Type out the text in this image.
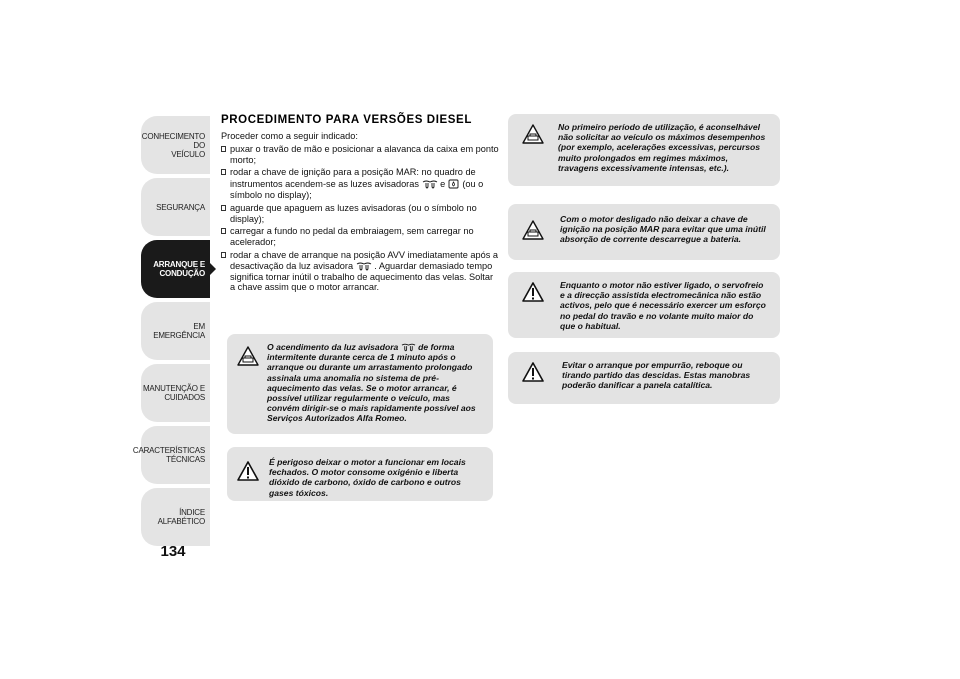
CONHECIMENTO DO
VEÍCULO
SEGURANÇA
ARRANQUE E
CONDUÇÃO
EM EMERGÊNCIA
MANUTENÇÃO E
CUIDADOS
CARACTERÍSTICAS
TÉCNICAS
ÍNDICE ALFABÉTICO
134
PROCEDIMENTO PARA VERSÕES DIESEL
Proceder como a seguir indicado:
puxar o travão de mão e posicionar a alavanca da caixa em ponto morto;
rodar a chave de ignição para a posição MAR: no quadro de instrumentos acendem-se as luzes avisadoras e (ou o símbolo no display);
aguarde que apaguem as luzes avisadoras (ou o símbolo no display);
carregar a fundo no pedal da embraiagem, sem carregar no acelerador;
rodar a chave de arranque na posição AVV imediatamente após a desactivação da luz avisadora . Aguardar demasiado tempo significa tornar inútil o trabalho de aquecimento das velas. Soltar a chave assim que o motor arrancar.

O acendimento da luz avisadora de forma intermitente durante cerca de 1 minuto após o arranque ou durante um arrastamento prolongado assinala uma anomalia no sistema de pré-aquecimento das velas. Se o motor arrancar, é possível utilizar regularmente o veículo, mas convém dirigir-se o mais rapidamente possível aos Serviços Autorizados Alfa Romeo.

É perigoso deixar o motor a funcionar em locais fechados. O motor consome oxigénio e liberta dióxido de carbono, óxido de carbono e outros gases tóxicos.

No primeiro período de utilização, é aconselhável não solicitar ao veículo os máximos desempenhos (por exemplo, acelerações excessivas, percursos muito prolongados em regimes máximos, travagens excessivamente intensas, etc.).

Com o motor desligado não deixar a chave de ignição na posição MAR para evitar que uma inútil absorção de corrente descarregue a bateria.

Enquanto o motor não estiver ligado, o servofreio e a direcção assistida electromecânica não estão activos, pelo que é necessário exercer um esforço no pedal do travão e no volante muito maior do que o habitual.

Evitar o arranque por empurrão, reboque ou tirando partido das descidas. Estas manobras poderão danificar a panela catalítica.
